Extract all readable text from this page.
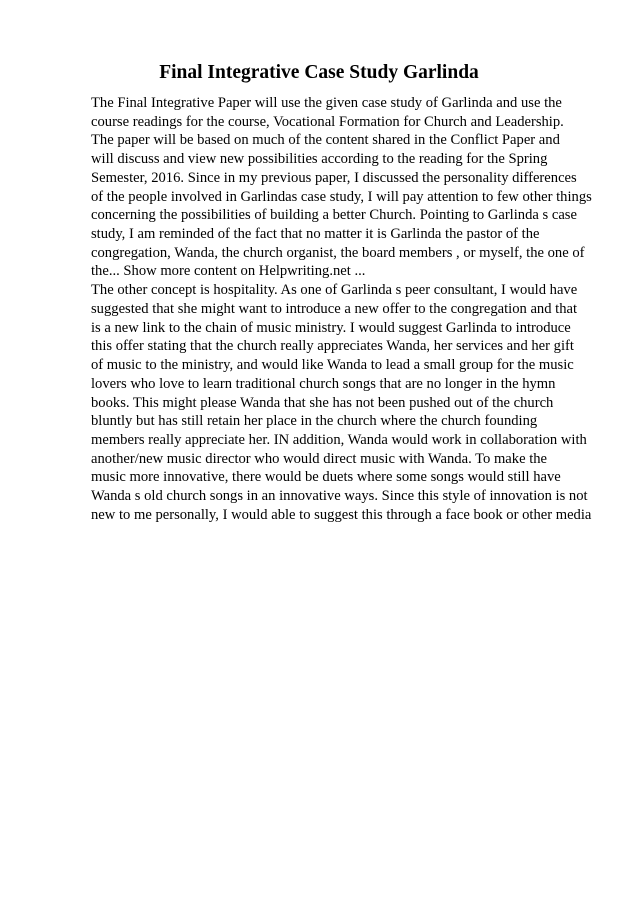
Final Integrative Case Study Garlinda
The Final Integrative Paper will use the given case study of Garlinda and use the
course readings for the course, Vocational Formation for Church and Leadership.
The paper will be based on much of the content shared in the Conflict Paper and
will discuss and view new possibilities according to the reading for the Spring
Semester, 2016. Since in my previous paper, I discussed the personality differences
of the people involved in Garlindas case study, I will pay attention to few other things
concerning the possibilities of building a better Church. Pointing to Garlinda s case
study, I am reminded of the fact that no matter it is Garlinda the pastor of the
congregation, Wanda, the church organist, the board members , or myself, the one of
the... Show more content on Helpwriting.net ...
The other concept is hospitality. As one of Garlinda s peer consultant, I would have
suggested that she might want to introduce a new offer to the congregation and that
is a new link to the chain of music ministry. I would suggest Garlinda to introduce
this offer stating that the church really appreciates Wanda, her services and her gift
of music to the ministry, and would like Wanda to lead a small group for the music
lovers who love to learn traditional church songs that are no longer in the hymn
books. This might please Wanda that she has not been pushed out of the church
bluntly but has still retain her place in the church where the church founding
members really appreciate her. IN addition, Wanda would work in collaboration with
another/new music director who would direct music with Wanda. To make the
music more innovative, there would be duets where some songs would still have
Wanda s old church songs in an innovative ways. Since this style of innovation is not
new to me personally, I would able to suggest this through a face book or other media
